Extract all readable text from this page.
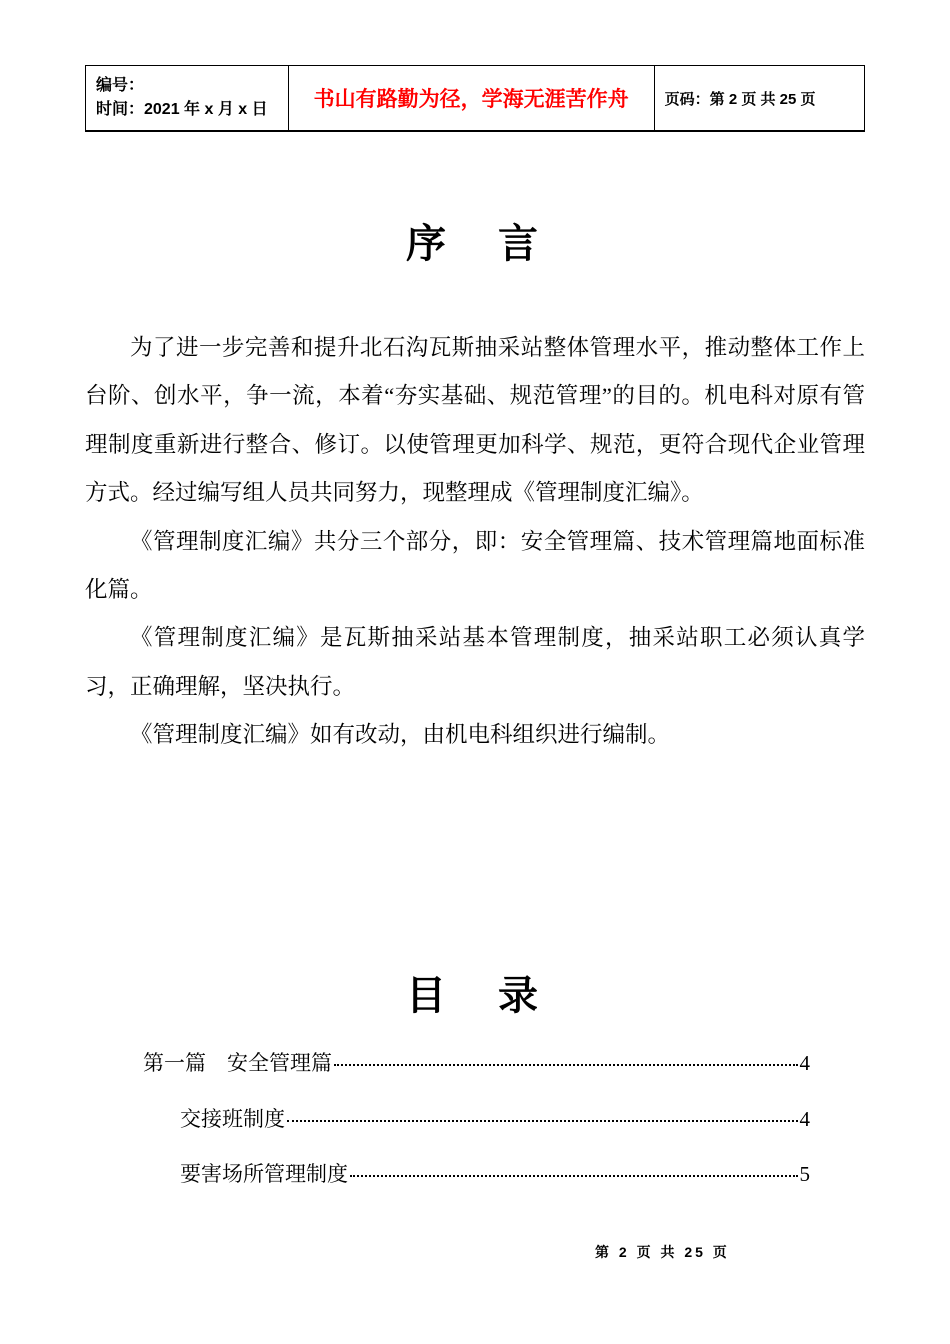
编号：
时间：2021 年 x 月 x 日	书山有路勤为径，学海无涯苦作舟	页码：第 2 页 共 25 页
序　言

为了进一步完善和提升北石沟瓦斯抽采站整体管理水平，推动整体工作上台阶、创水平，争一流，本着“夯实基础、规范管理”的目的。机电科对原有管理制度重新进行整合、修订。以使管理更加科学、规范，更符合现代企业管理方式。经过编写组人员共同努力，现整理成《管理制度汇编》。

《管理制度汇编》共分三个部分，即：安全管理篇、技术管理篇地面标准化篇。

《管理制度汇编》是瓦斯抽采站基本管理制度，抽采站职工必须认真学习，正确理解，坚决执行。

《管理制度汇编》如有改动，由机电科组织进行编制。

目　录
第一篇　安全管理篇	4
交接班制度	4
要害场所管理制度	5
第 2 页 共 25 页
